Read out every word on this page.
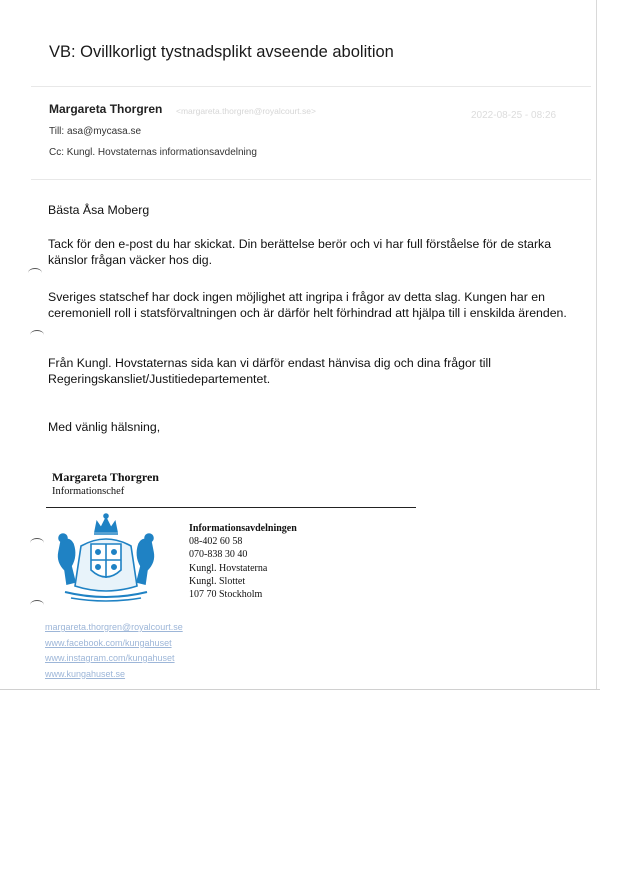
VB: Ovillkorligt tystnadsplikt avseende abolition
Margareta Thorgren <margareta.thorgren@royalcourt.se>	2022-08-25 - 08:26
Till: asa@mycasa.se
Cc: Kungl. Hovstaternas informationsavdelning
Bästa Åsa Moberg
Tack för den e-post du har skickat. Din berättelse berör och vi har full förståelse för de starka känslor frågan väcker hos dig.
Sveriges statschef har dock ingen möjlighet att ingripa i frågor av detta slag. Kungen har en ceremoniell roll i statsförvaltningen och är därför helt förhindrad att hjälpa till i enskilda ärenden.
Från Kungl. Hovstaternas sida kan vi därför endast hänvisa dig och dina frågor till Regeringskansliet/Justitiedepartementet.
Med vänlig hälsning,
Margareta Thorgren
Informationschef
Informationsavdelningen
08-402 60 58
070-838 30 40
Kungl. Hovstaterna
Kungl. Slottet
107 70 Stockholm
margareta.thorgren@royalcourt.se
www.facebook.com/kungahuset
www.instagram.com/kungahuset
www.kungahuset.se
